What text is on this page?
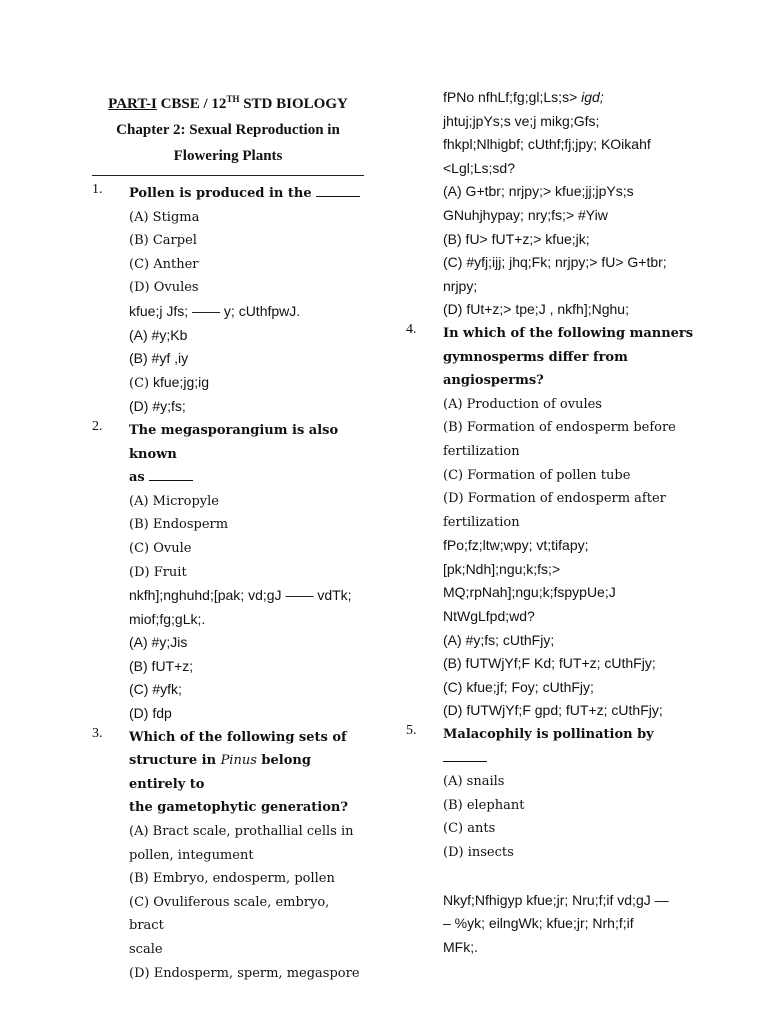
PART-I CBSE / 12TH STD BIOLOGY
Chapter 2: Sexual Reproduction in
Flowering Plants
1. Pollen is produced in the
(A) Stigma
(B) Carpel
(C) Anther
(D) Ovules
kfue;j Jfs; —— y; cUthfpwJ.
(A) #y;Kb
(B) #yf ,iy
(C) kfue;jg;ig
(D) #y;fs;
2. The megasporangium is also known
as
(A) Micropyle
(B) Endosperm
(C) Ovule
(D) Fruit
nkfh];nghuhd;[pak; vd;gJ —— vdTk;
miof;fg;gLk;.
(A) #y;Jis
(B) fUT+z;
(C) #yfk;
(D) fdp
3. Which of the following sets of
structure in Pinus belong entirely to
the gametophytic generation?
(A) Bract scale, prothallial cells in
pollen, integument
(B) Embryo, endosperm, pollen
(C) Ovuliferous scale, embryo, bract
scale
(D) Endosperm, sperm, megaspore
fPNo nfhLf;fg;gl;Ls;s> igd;
jhtuj;jpYs;s ve;j mikg;Gfs;
fhkpl;Nlhigbf; cUthf;fj;jpy; KOikahf
<Lgl;Ls;sd?
(A) G+tbr; nrjpy;> kfue;jj;jpYs;s
GNuhjhypay; nry;fs;> #Yiw
(B) fU> fUT+z;> kfue;jk;
(C) #yfj;ijj; jhq;Fk; nrjpy;> fU> G+tbr;
nrjpy;
(D) fUt+z;> tpe;J , nkfh];Nghu;
4. In which of the following manners
gymnosperms differ from
angiosperms?
(A) Production of ovules
(B) Formation of endosperm before
fertilization
(C) Formation of pollen tube
(D) Formation of endosperm after
fertilization
fPo;fz;ltw;wpy; vt;tifapy;
[pk;Ndh];ngu;k;fs;>
MQ;rpNah];ngu;k;fspypUe;J
NtWgLfpd;wd?
(A) #y;fs; cUthFjy;
(B) fUTWjYf;F Kd; fUT+z; cUthFjy;
(C) kfue;jf; Foy; cUthFjy;
(D) fUTWjYf;F gpd; fUT+z; cUthFjy;
5. Malacophily is pollination by
(A) snails
(B) elephant
(C) ants
(D) insects
Nkyf;Nfhigyp kfue;jr; Nru;f;if vd;gJ —
– %yk; eilngWk; kfue;jr; Nrh;f;if
MFk;.
